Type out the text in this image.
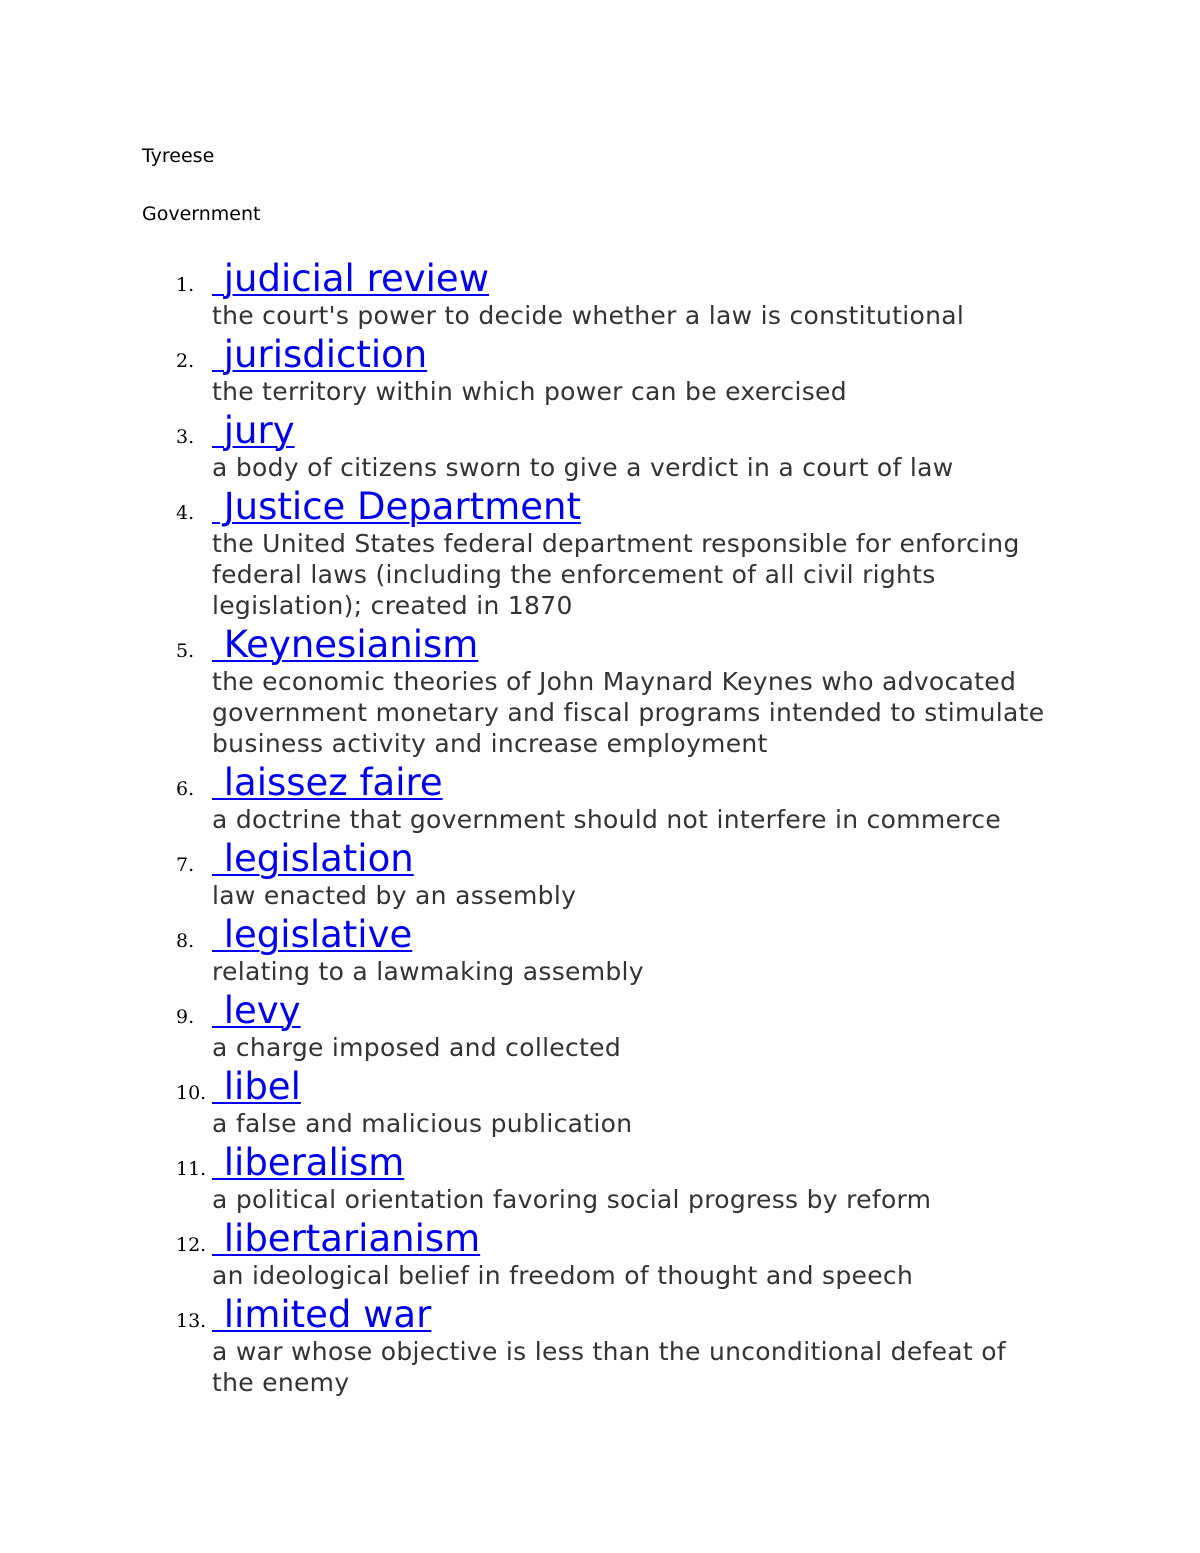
Tyreese

Government

1. judicial review
the court's power to decide whether a law is constitutional
2. jurisdiction
the territory within which power can be exercised
3. jury
a body of citizens sworn to give a verdict in a court of law
4. Justice Department
the United States federal department responsible for enforcing federal laws (including the enforcement of all civil rights legislation); created in 1870
5. Keynesianism
the economic theories of John Maynard Keynes who advocated government monetary and fiscal programs intended to stimulate business activity and increase employment
6. laissez faire
a doctrine that government should not interfere in commerce
7. legislation
law enacted by an assembly
8. legislative
relating to a lawmaking assembly
9. levy
a charge imposed and collected
10. libel
a false and malicious publication
11. liberalism
a political orientation favoring social progress by reform
12. libertarianism
an ideological belief in freedom of thought and speech
13. limited war
a war whose objective is less than the unconditional defeat of the enemy
